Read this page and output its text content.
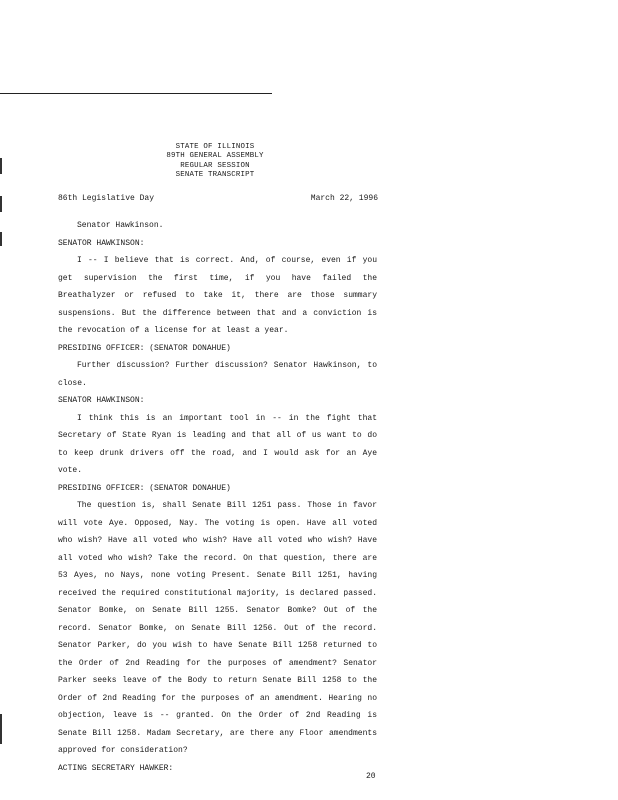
STATE OF ILLINOIS
89TH GENERAL ASSEMBLY
REGULAR SESSION
SENATE TRANSCRIPT
86th Legislative Day	March 22, 1996

Senator Hawkinson.

SENATOR HAWKINSON:

I -- I believe that is correct. And, of course, even if you get supervision the first time, if you have failed the Breathalyzer or refused to take it, there are those summary suspensions. But the difference between that and a conviction is the revocation of a license for at least a year.

PRESIDING OFFICER: (SENATOR DONAHUE)

Further discussion? Further discussion? Senator Hawkinson, to close.

SENATOR HAWKINSON:

I think this is an important tool in -- in the fight that Secretary of State Ryan is leading and that all of us want to do to keep drunk drivers off the road, and I would ask for an Aye vote.

PRESIDING OFFICER: (SENATOR DONAHUE)

The question is, shall Senate Bill 1251 pass. Those in favor will vote Aye. Opposed, Nay. The voting is open. Have all voted who wish? Have all voted who wish? Have all voted who wish? Have all voted who wish? Take the record. On that question, there are 53 Ayes, no Nays, none voting Present. Senate Bill 1251, having received the required constitutional majority, is declared passed. Senator Bomke, on Senate Bill 1255. Senator Bomke? Out of the record. Senator Bomke, on Senate Bill 1256. Out of the record. Senator Parker, do you wish to have Senate Bill 1258 returned to the Order of 2nd Reading for the purposes of amendment? Senator Parker seeks leave of the Body to return Senate Bill 1258 to the Order of 2nd Reading for the purposes of an amendment. Hearing no objection, leave is -- granted. On the Order of 2nd Reading is Senate Bill 1258. Madam Secretary, are there any Floor amendments approved for consideration?

ACTING SECRETARY HAWKER:

20
